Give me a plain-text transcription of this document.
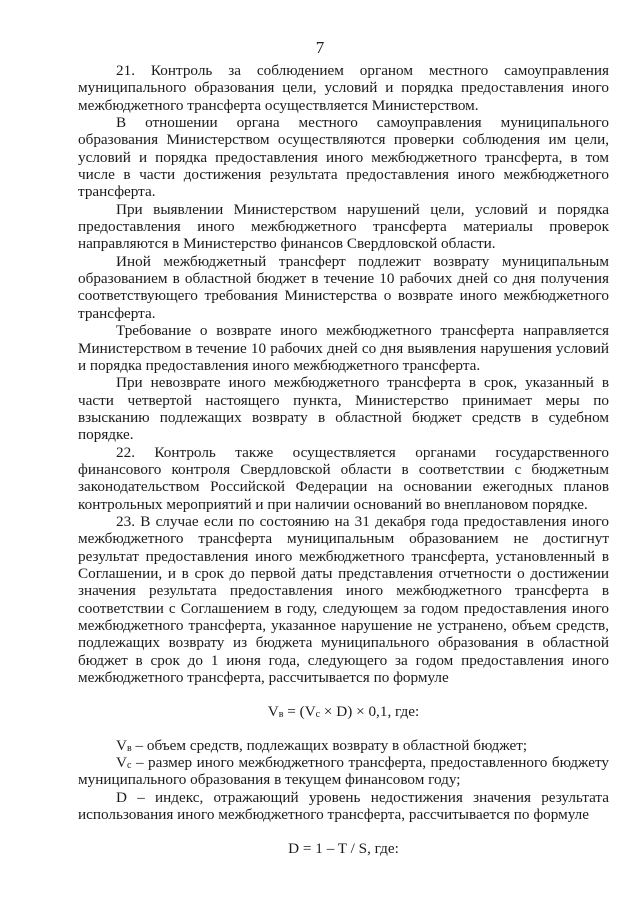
7

21. Контроль за соблюдением органом местного самоуправления муниципального образования цели, условий и порядка предоставления иного межбюджетного трансферта осуществляется Министерством.

В отношении органа местного самоуправления муниципального образования Министерством осуществляются проверки соблюдения им цели, условий и порядка предоставления иного межбюджетного трансферта, в том числе в части достижения результата предоставления иного межбюджетного трансферта.

При выявлении Министерством нарушений цели, условий и порядка предоставления иного межбюджетного трансферта материалы проверок направляются в Министерство финансов Свердловской области.

Иной межбюджетный трансферт подлежит возврату муниципальным образованием в областной бюджет в течение 10 рабочих дней со дня получения соответствующего требования Министерства о возврате иного межбюджетного трансферта.

Требование о возврате иного межбюджетного трансферта направляется Министерством в течение 10 рабочих дней со дня выявления нарушения условий и порядка предоставления иного межбюджетного трансферта.

При невозврате иного межбюджетного трансферта в срок, указанный в части четвертой настоящего пункта, Министерство принимает меры по взысканию подлежащих возврату в областной бюджет средств в судебном порядке.

22. Контроль также осуществляется органами государственного финансового контроля Свердловской области в соответствии с бюджетным законодательством Российской Федерации на основании ежегодных планов контрольных мероприятий и при наличии оснований во внеплановом порядке.

23. В случае если по состоянию на 31 декабря года предоставления иного межбюджетного трансферта муниципальным образованием не достигнут результат предоставления иного межбюджетного трансферта, установленный в Соглашении, и в срок до первой даты представления отчетности о достижении значения результата предоставления иного межбюджетного трансферта в соответствии с Соглашением в году, следующем за годом предоставления иного межбюджетного трансферта, указанное нарушение не устранено, объем средств, подлежащих возврату из бюджета муниципального образования в областной бюджет в срок до 1 июня года, следующего за годом предоставления иного межбюджетного трансферта, рассчитывается по формуле

$V_в = (V_с \times D) \times 0,1$, где:

$V_в$ – объем средств, подлежащих возврату в областной бюджет;

$V_с$ – размер иного межбюджетного трансферта, предоставленного бюджету муниципального образования в текущем финансовом году;

D – индекс, отражающий уровень недостижения значения результата использования иного межбюджетного трансферта, рассчитывается по формуле

D = 1 – T / S, где:
